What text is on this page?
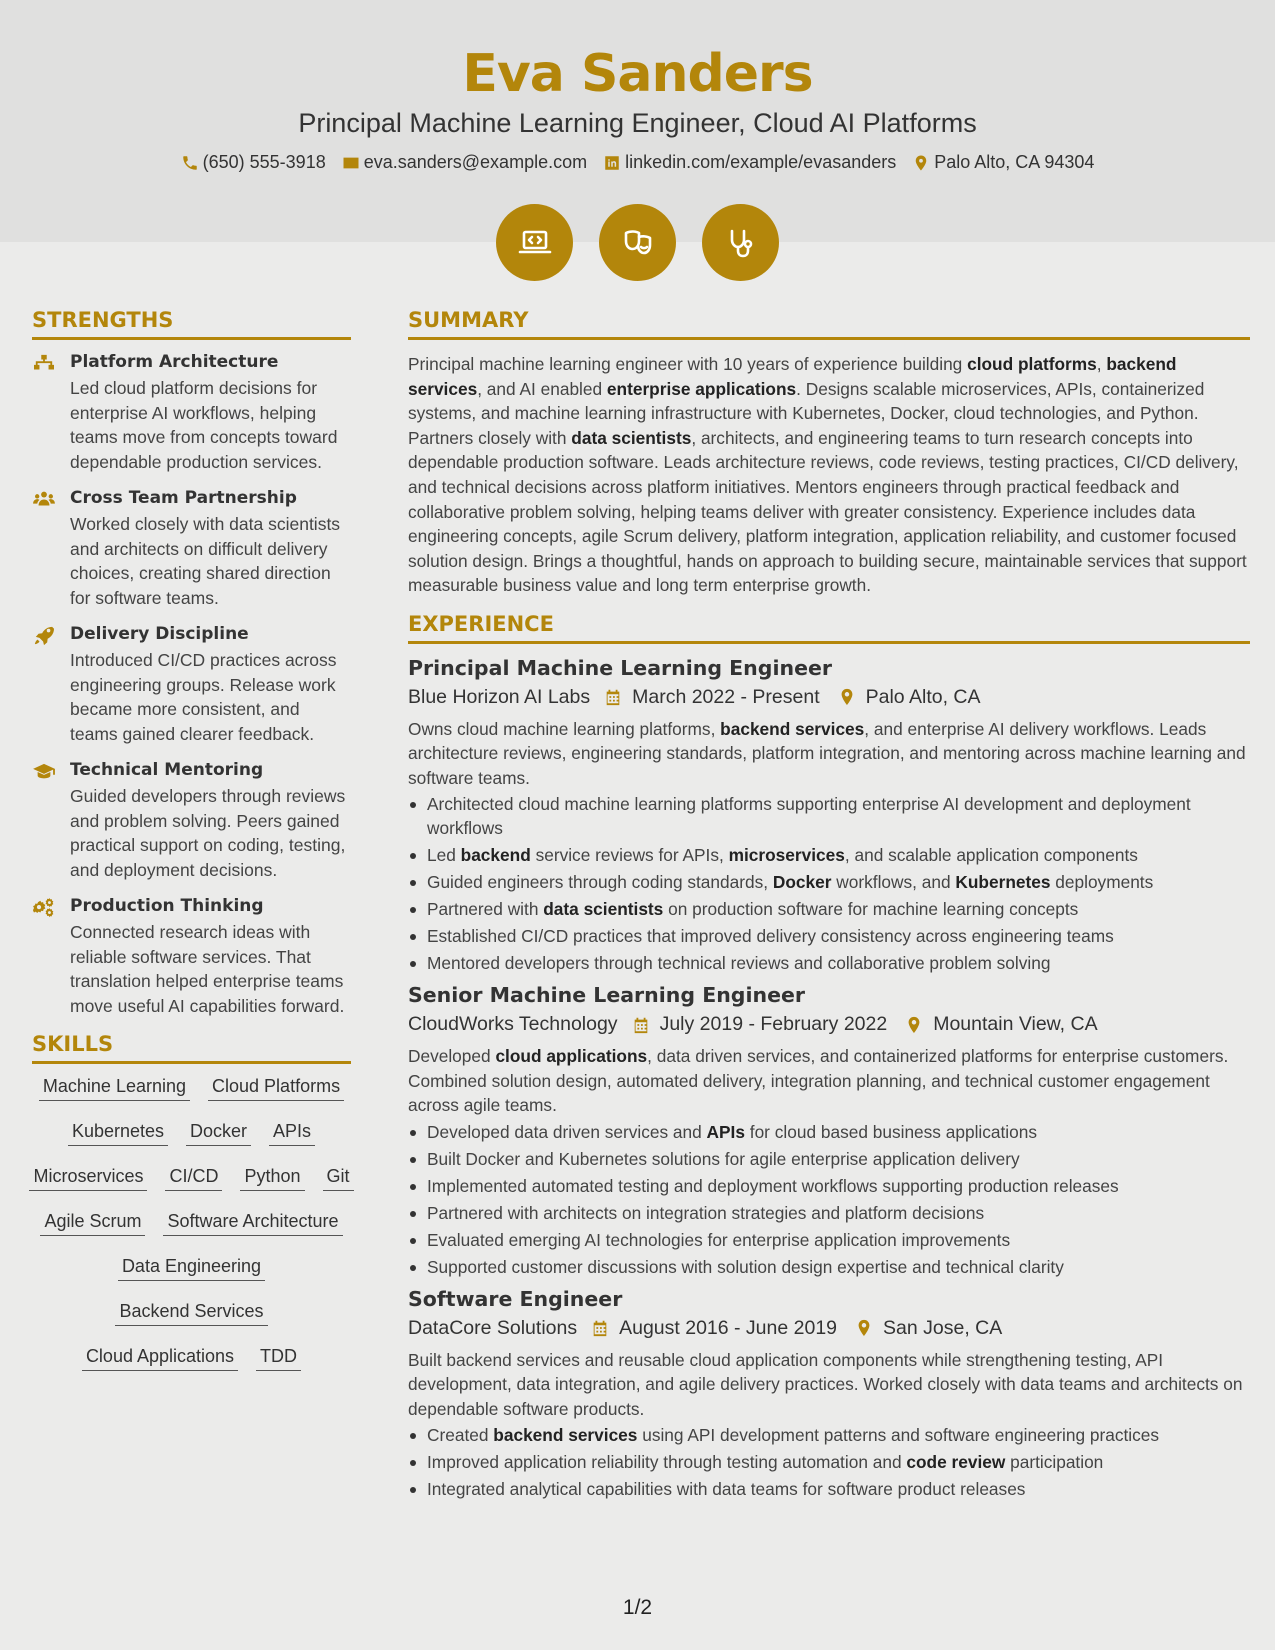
Eva Sanders
Principal Machine Learning Engineer, Cloud AI Platforms
(650) 555-3918 eva.sanders@example.com linkedin.com/example/evasanders Palo Alto, CA 94304
STRENGTHS
Platform Architecture
Led cloud platform decisions for enterprise AI workflows, helping teams move from concepts toward dependable production services.
Cross Team Partnership
Worked closely with data scientists and architects on difficult delivery choices, creating shared direction for software teams.
Delivery Discipline
Introduced CI/CD practices across engineering groups. Release work became more consistent, and teams gained clearer feedback.
Technical Mentoring
Guided developers through reviews and problem solving. Peers gained practical support on coding, testing, and deployment decisions.
Production Thinking
Connected research ideas with reliable software services. That translation helped enterprise teams move useful AI capabilities forward.
SKILLS
Machine Learning Cloud Platforms
Kubernetes Docker APIs
Microservices CI/CD Python Git
Agile Scrum Software Architecture
Data Engineering
Backend Services
Cloud Applications TDD
SUMMARY

Principal machine learning engineer with 10 years of experience building cloud platforms, backend services, and AI enabled enterprise applications. Designs scalable microservices, APIs, containerized systems, and machine learning infrastructure with Kubernetes, Docker, cloud technologies, and Python. Partners closely with data scientists, architects, and engineering teams to turn research concepts into dependable production software. Leads architecture reviews, code reviews, testing practices, CI/CD delivery, and technical decisions across platform initiatives. Mentors engineers through practical feedback and collaborative problem solving, helping teams deliver with greater consistency. Experience includes data engineering concepts, agile Scrum delivery, platform integration, application reliability, and customer focused solution design. Brings a thoughtful, hands on approach to building secure, maintainable services that support measurable business value and long term enterprise growth.

EXPERIENCE
Principal Machine Learning Engineer
Blue Horizon AI Labs March 2022 - Present Palo Alto, CA

Owns cloud machine learning platforms, backend services, and enterprise AI delivery workflows. Leads architecture reviews, engineering standards, platform integration, and mentoring across machine learning and software teams.

Architected cloud machine learning platforms supporting enterprise AI development and deployment workflows
Led backend service reviews for APIs, microservices, and scalable application components
Guided engineers through coding standards, Docker workflows, and Kubernetes deployments
Partnered with data scientists on production software for machine learning concepts
Established CI/CD practices that improved delivery consistency across engineering teams
Mentored developers through technical reviews and collaborative problem solving
Senior Machine Learning Engineer
CloudWorks Technology July 2019 - February 2022 Mountain View, CA

Developed cloud applications, data driven services, and containerized platforms for enterprise customers. Combined solution design, automated delivery, integration planning, and technical customer engagement across agile teams.

Developed data driven services and APIs for cloud based business applications
Built Docker and Kubernetes solutions for agile enterprise application delivery
Implemented automated testing and deployment workflows supporting production releases
Partnered with architects on integration strategies and platform decisions
Evaluated emerging AI technologies for enterprise application improvements
Supported customer discussions with solution design expertise and technical clarity
Software Engineer
DataCore Solutions August 2016 - June 2019 San Jose, CA

Built backend services and reusable cloud application components while strengthening testing, API development, data integration, and agile delivery practices. Worked closely with data teams and architects on dependable software products.

Created backend services using API development patterns and software engineering practices
Improved application reliability through testing automation and code review participation
Integrated analytical capabilities with data teams for software product releases
1/2
